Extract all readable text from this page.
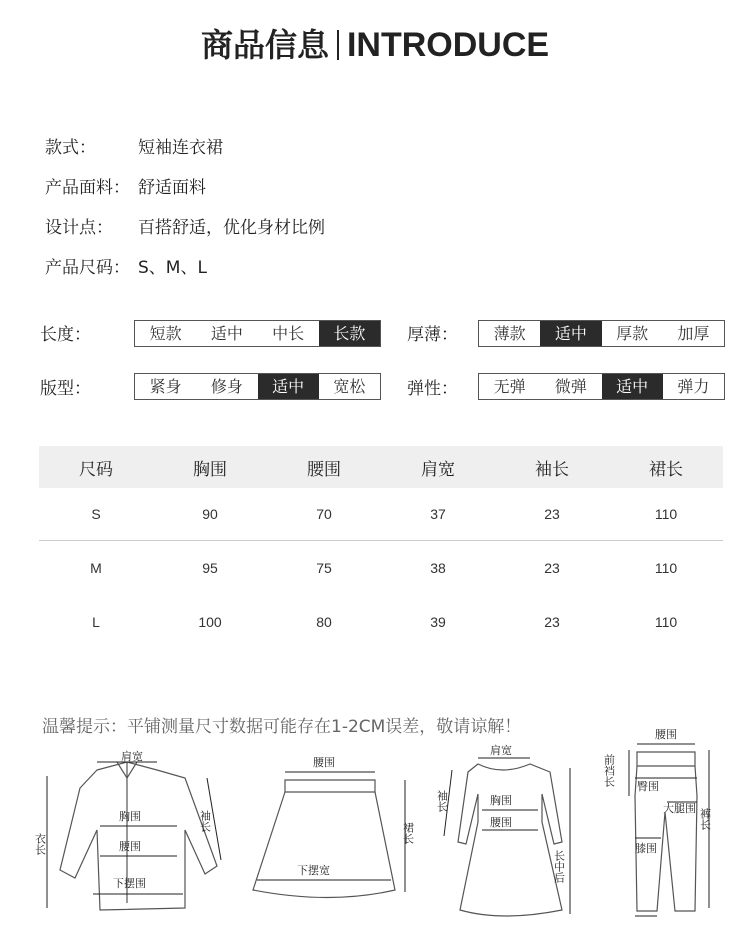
商品信息 INTRODUCE
款式：	短袖连衣裙
产品面料： 舒适面料
设计点：	百搭舒适，优化身材比例
产品尺码： S、M、L
长度：	短款	适中	中长	长款	厚薄：	薄款	适中	厚款	加厚
版型：	紧身	修身	适中	宽松	弹性：	无弹	微弹	适中	弹力
尺码	胸围	腰围	肩宽	袖长	裙长
S	90	70	37	23	110
M	95	75	38	23	110
L	100	80	39	23	110
温馨提示：平铺测量尺寸数据可能存在1-2CM误差，敬请谅解！
肩宽
胸围
腰围
下摆围
衣长
袖长
腰围
下摆宽
裙长
肩宽
胸围
腰围
袖长
长中后
腰围
前裆长 臀围
大腿围
膝围
裤长
